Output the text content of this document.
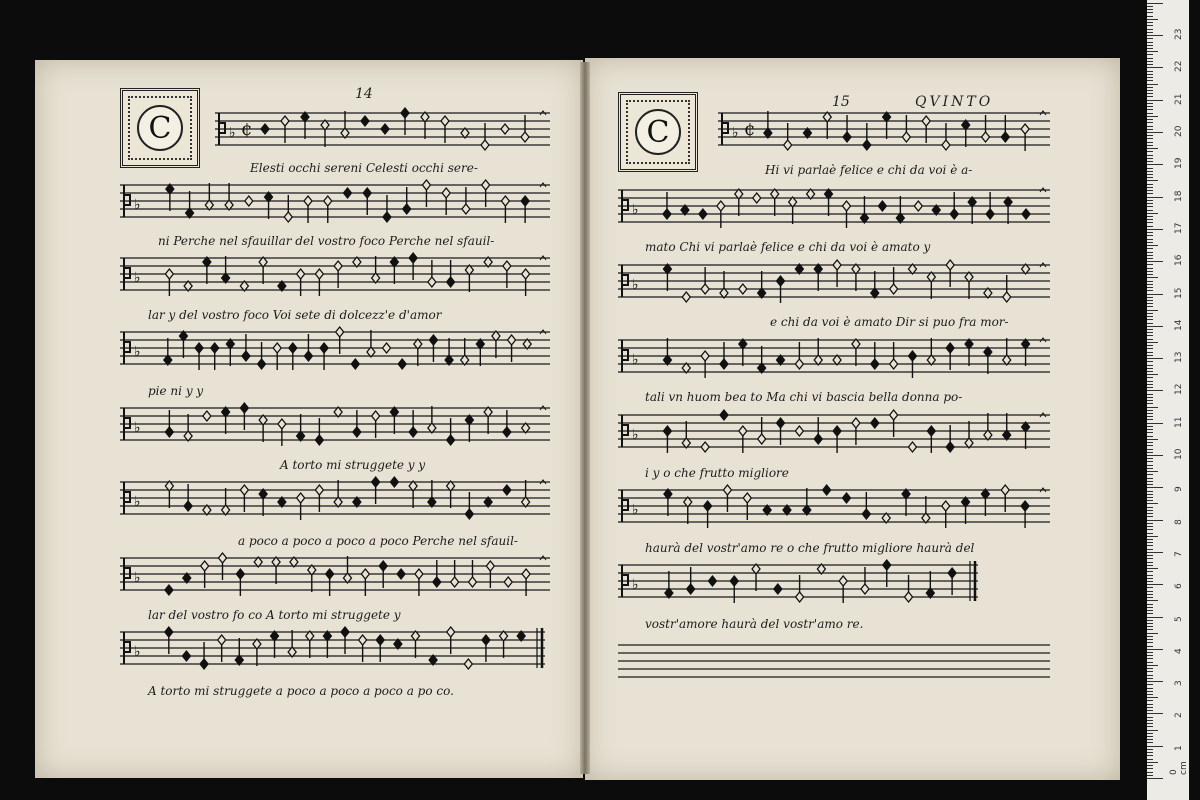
C
14
C
15	QVINTO
♭ ¢
♭
♭
♭
♭
♭
♭
♭
♭ ¢
♭
♭
♭
♭
♭
♭
Elesti occhi sereni Celesti occhi sere-
ni Perche nel sfauillar del vostro foco Perche nel sfauil-
lar y del vostro foco Voi sete di dolcezz'e d'amor
pie ni y y
A torto mi struggete y y
a poco a poco a poco a poco Perche nel sfauil-
lar del vostro fo co A torto mi struggete y
A torto mi struggete a poco a poco a poco a po co.
Hi vi parlaè felice e chi da voi è a-
mato Chi vi parlaè felice e chi da voi è amato y
e chi da voi è amato Dir si puo fra mor-
tali vn huom bea to Ma chi vi bascia bella donna po-
i y o che frutto migliore
haurà del vostr'amo re o che frutto migliore haurà del
vostr'amore haurà del vostr'amo re.
0 cm
1
2
3
4
5
6
7
8
9
10
11
12
13
14
15
16
17
18
19
20
21
22
23
